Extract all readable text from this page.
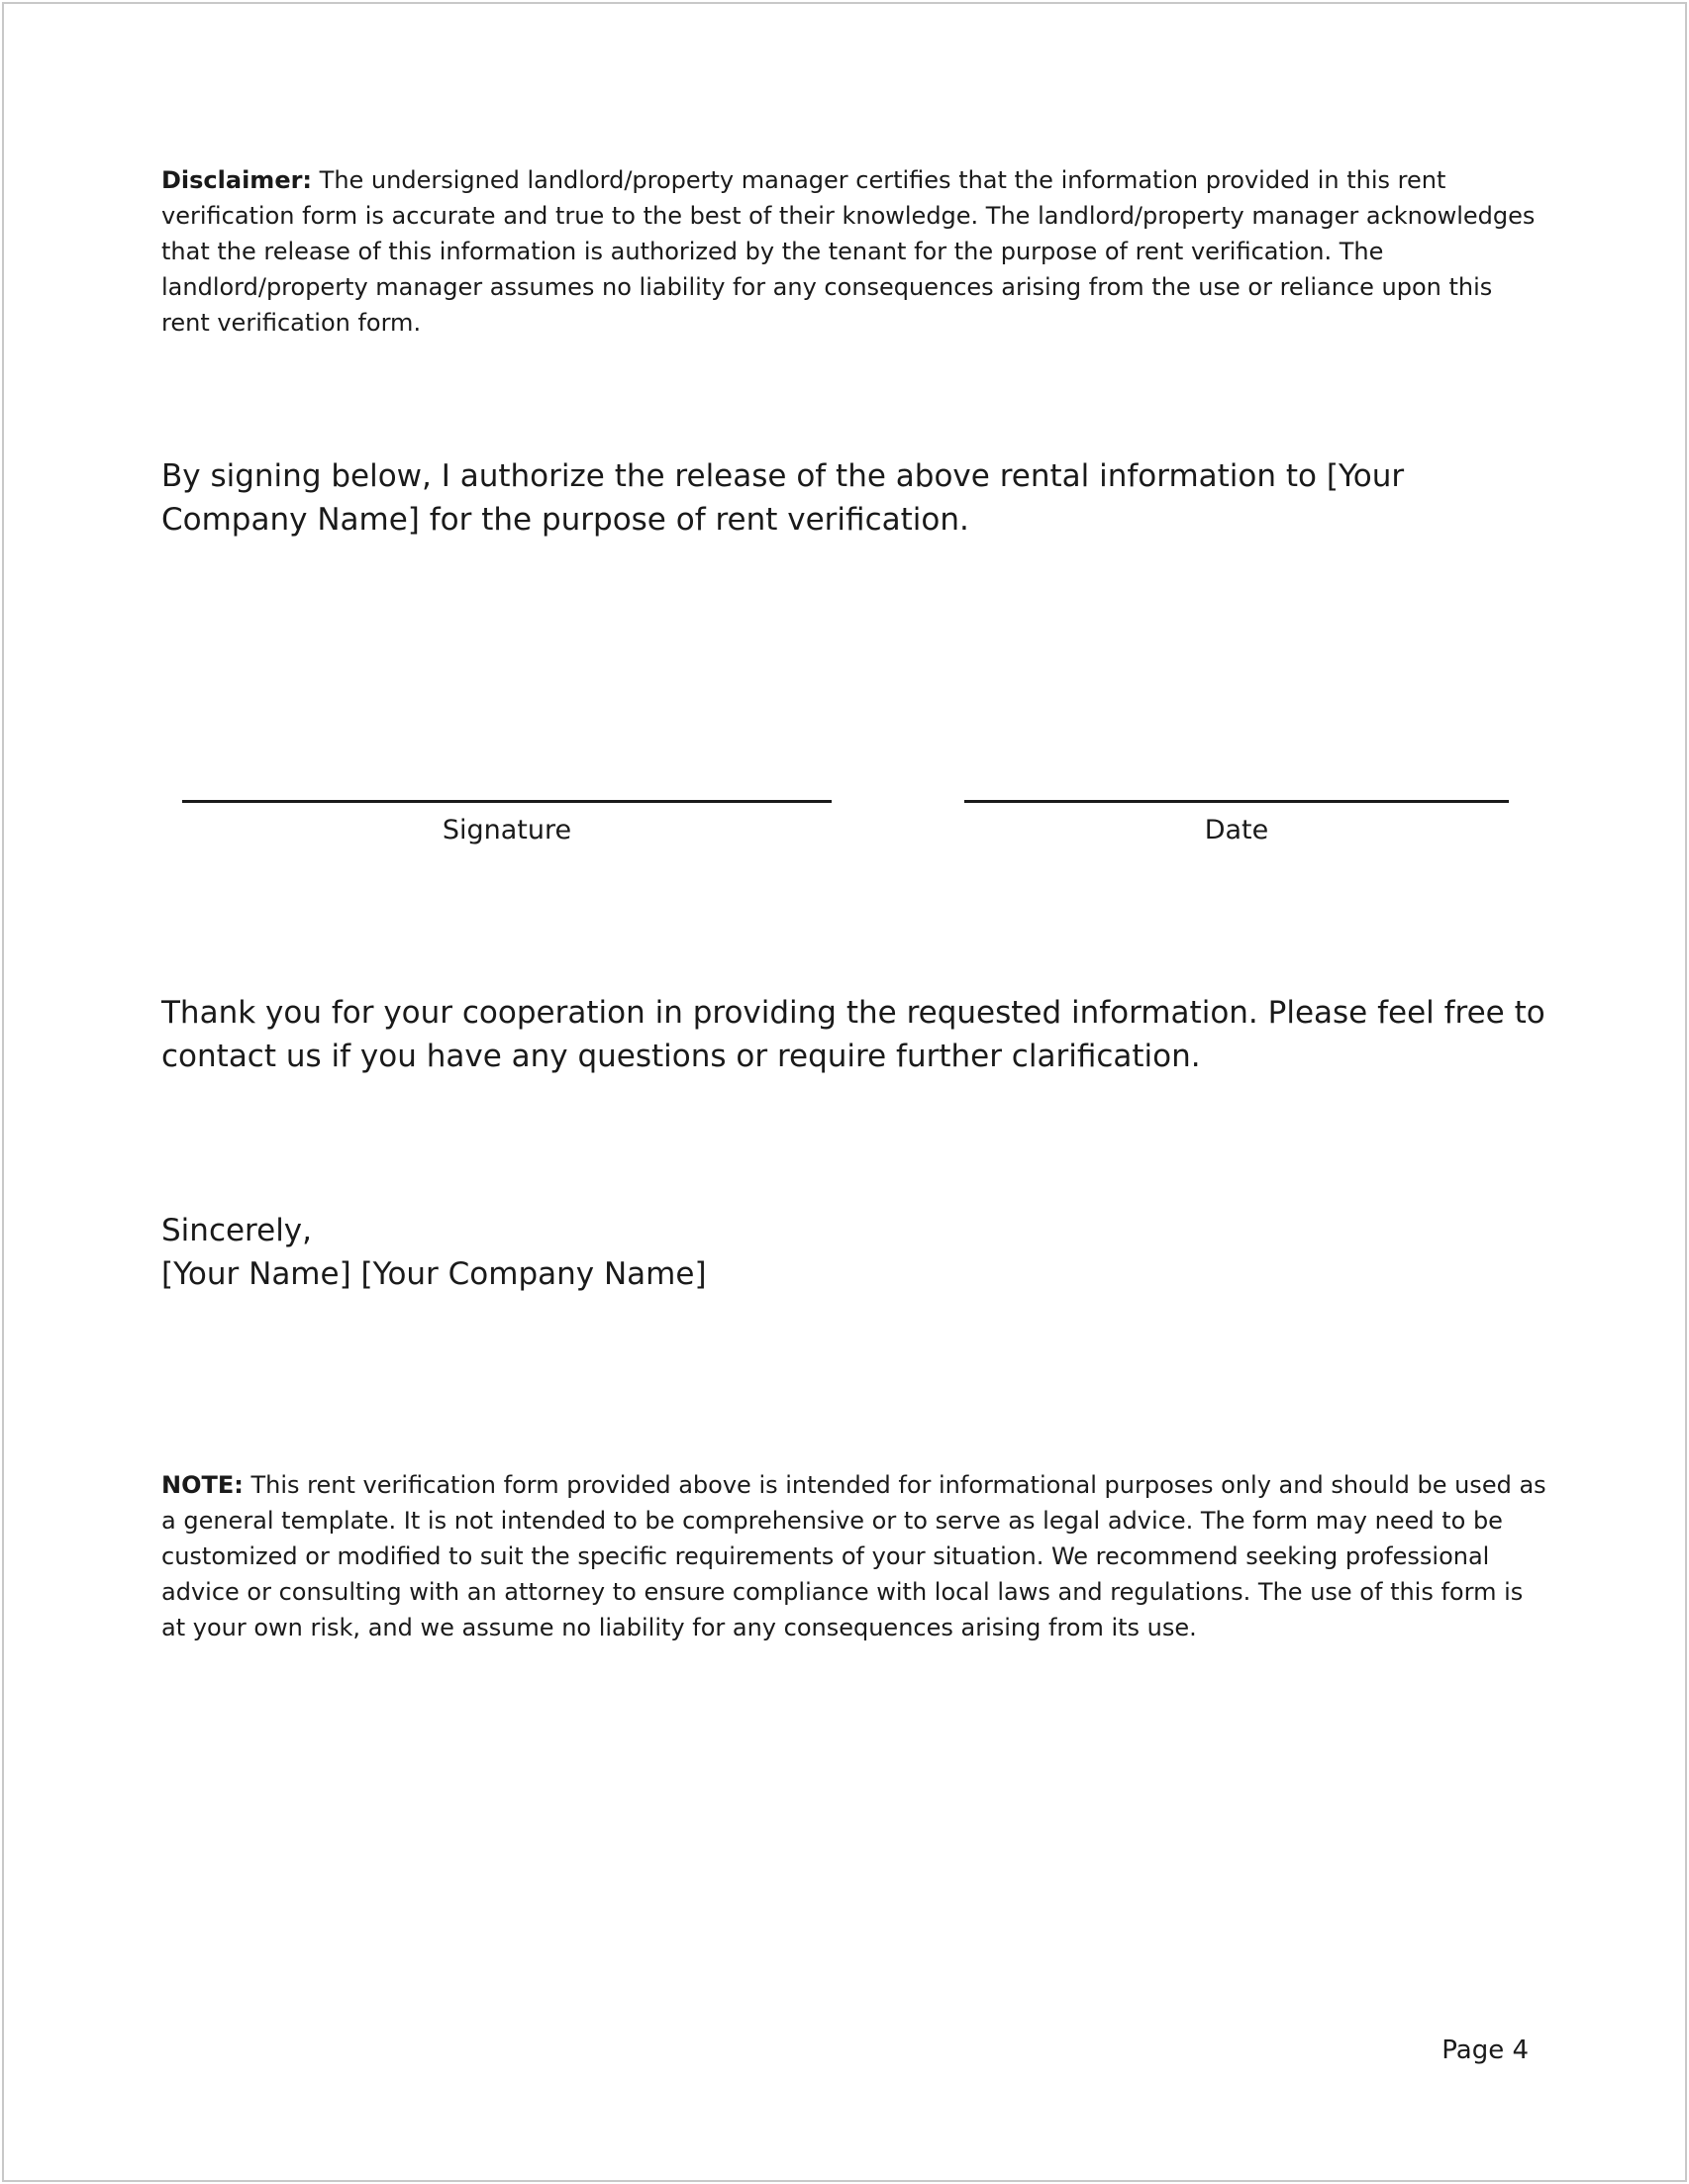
Disclaimer: The undersigned landlord/property manager certifies that the information provided in this rent verification form is accurate and true to the best of their knowledge. The landlord/property manager acknowledges that the release of this information is authorized by the tenant for the purpose of rent verification. The landlord/property manager assumes no liability for any consequences arising from the use or reliance upon this rent verification form.

By signing below, I authorize the release of the above rental information to [Your Company Name] for the purpose of rent verification.

Signature	Date

Thank you for your cooperation in providing the requested information. Please feel free to contact us if you have any questions or require further clarification.

Sincerely,
[Your Name] [Your Company Name]

NOTE: This rent verification form provided above is intended for informational purposes only and should be used as a general template. It is not intended to be comprehensive or to serve as legal advice. The form may need to be customized or modified to suit the specific requirements of your situation. We recommend seeking professional advice or consulting with an attorney to ensure compliance with local laws and regulations. The use of this form is at your own risk, and we assume no liability for any consequences arising from its use.

Page 4
